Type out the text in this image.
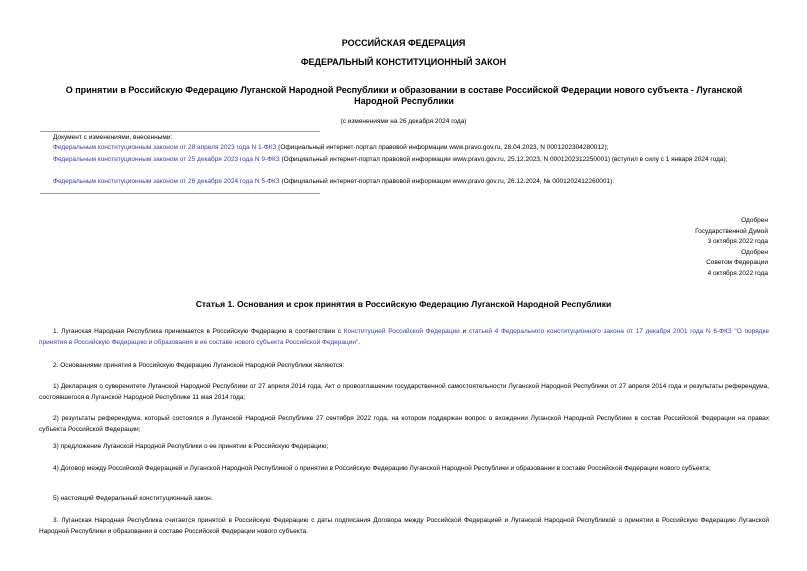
РОССИЙСКАЯ ФЕДЕРАЦИЯ
ФЕДЕРАЛЬНЫЙ КОНСТИТУЦИОННЫЙ ЗАКОН
О принятии в Российскую Федерацию Луганской Народной Республики и образовании в составе Российской Федерации нового субъекта - Луганской Народной Республики
(с изменениями на 26 декабря 2024 года)
Документ с изменениями, внесенными:
Федеральным конституционным законом от 28 апреля 2023 года N 1-ФКЗ (Официальный интернет-портал правовой информации www.pravo.gov.ru, 28.04.2023, N 0001202304280012);
Федеральным конституционным законом от 25 декабря 2023 года N 9-ФКЗ (Официальный интернет-портал правовой информации www.pravo.gov.ru, 25.12.2023, N 0001202312250001) (вступил в силу с 1 января 2024 года);
Федеральным конституционным законом от 26 декабря 2024 года N 5-ФКЗ (Официальный интернет-портал правовой информации www.pravo.gov.ru, 26.12.2024, № 0001202412260001).
Одобрен
Государственной Думой
3 октября 2022 года
Одобрен
Советом Федерации
4 октября 2022 года
Статья 1. Основания и срок принятия в Российскую Федерацию Луганской Народной Республики
1. Луганская Народная Республика принимается в Российскую Федерацию в соответствии с Конституцией Российской Федерации и статьей 4 Федерального конституционного закона от 17 декабря 2001 года N 6-ФКЗ "О порядке принятия в Российскую Федерацию и образования в ее составе нового субъекта Российской Федерации".
2. Основаниями принятия в Российскую Федерацию Луганской Народной Республики являются:
1) Декларация о суверенитете Луганской Народной Республики от 27 апреля 2014 года, Акт о провозглашении государственной самостоятельности Луганской Народной Республики от 27 апреля 2014 года и результаты референдума, состоявшегося в Луганской Народной Республике 11 мая 2014 года;
2) результаты референдума, который состоялся в Луганской Народной Республике 27 сентября 2022 года, на котором поддержан вопрос о вхождении Луганской Народной Республики в состав Российской Федерации на правах субъекта Российской Федерации;
3) предложение Луганской Народной Республики о ее принятии в Российскую Федерацию;
4) Договор между Российской Федерацией и Луганской Народной Республикой о принятии в Российскую Федерацию Луганской Народной Республики и образовании в составе Российской Федерации нового субъекта;
5) настоящий Федеральный конституционный закон.
3. Луганская Народная Республика считается принятой в Российскую Федерацию с даты подписания Договора между Российской Федерацией и Луганской Народной Республикой о принятии в Российскую Федерацию Луганской Народной Республики и образовании в составе Российской Федерации нового субъекта.
